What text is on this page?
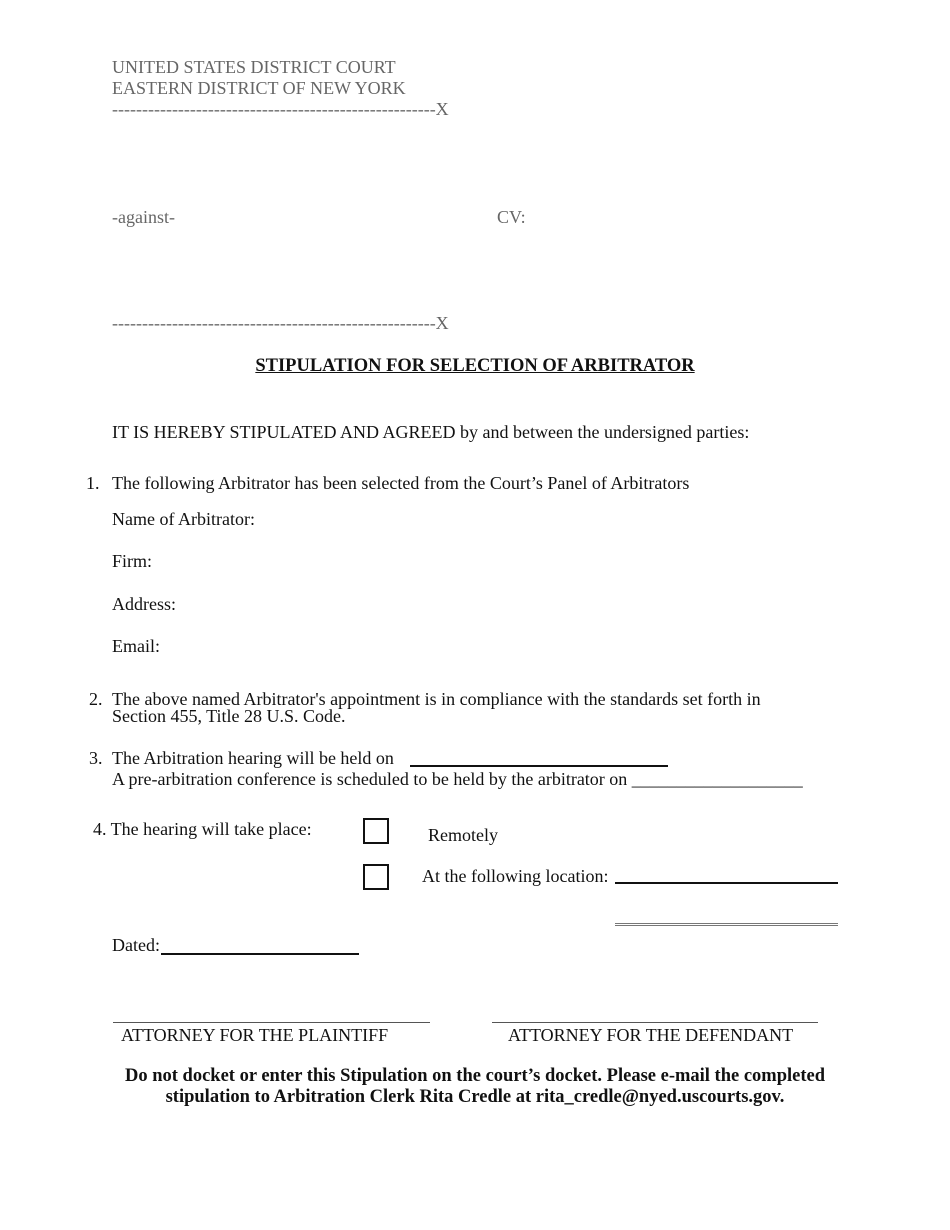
UNITED STATES DISTRICT COURT
EASTERN DISTRICT OF NEW YORK
------------------------------------------------------X
-against-	CV:
------------------------------------------------------X
STIPULATION FOR SELECTION OF ARBITRATOR
IT IS HEREBY STIPULATED AND AGREED by and between the undersigned parties:
1. The following Arbitrator has been selected from the Court’s Panel of Arbitrators
Name of Arbitrator:
Firm:
Address:
Email:
2. The above named Arbitrator's appointment is in compliance with the standards set forth in
Section 455, Title 28 U.S. Code.
3. The Arbitration hearing will be held on
A pre-arbitration conference is scheduled to be held by the arbitrator on ___________________
4. The hearing will take place:	Remotely
At the following location:
Dated:
ATTORNEY FOR THE PLAINTIFF	ATTORNEY FOR THE DEFENDANT
Do not docket or enter this Stipulation on the court’s docket. Please e-mail the completed
stipulation to Arbitration Clerk Rita Credle at rita_credle@nyed.uscourts.gov.
